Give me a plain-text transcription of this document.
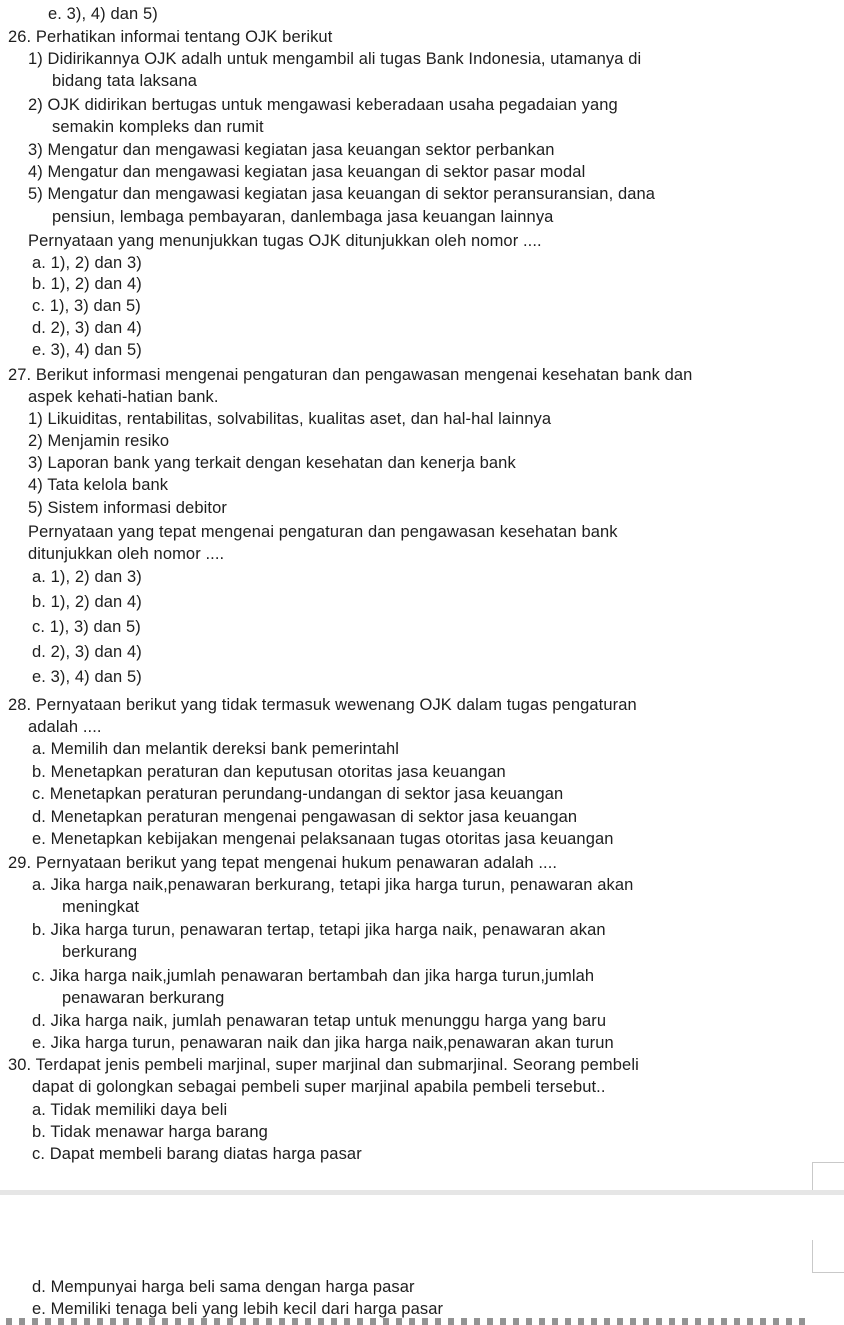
e. 3), 4) dan 5)
26. Perhatikan informai tentang OJK berikut
1) Didirikannya OJK adalh untuk mengambil ali tugas Bank Indonesia, utamanya di
bidang tata laksana
2) OJK didirikan bertugas untuk mengawasi keberadaan usaha pegadaian yang
semakin kompleks dan rumit
3) Mengatur dan mengawasi kegiatan jasa keuangan sektor perbankan
4) Mengatur dan mengawasi kegiatan jasa keuangan di sektor pasar modal
5) Mengatur dan mengawasi kegiatan jasa keuangan di sektor peransuransian, dana
pensiun, lembaga pembayaran, danlembaga jasa keuangan lainnya
Pernyataan yang menunjukkan tugas OJK ditunjukkan oleh nomor ....
a. 1), 2) dan 3)
b. 1), 2) dan 4)
c. 1), 3) dan 5)
d. 2), 3) dan 4)
e. 3), 4) dan 5)
27. Berikut informasi mengenai pengaturan dan pengawasan mengenai kesehatan bank dan
aspek kehati-hatian bank.
1) Likuiditas, rentabilitas, solvabilitas, kualitas aset, dan hal-hal lainnya
2) Menjamin resiko
3) Laporan bank yang terkait dengan kesehatan dan kenerja bank
4) Tata kelola bank
5) Sistem informasi debitor
Pernyataan yang tepat mengenai pengaturan dan pengawasan kesehatan bank
ditunjukkan oleh nomor ....
a. 1), 2) dan 3)
b. 1), 2) dan 4)
c. 1), 3) dan 5)
d. 2), 3) dan 4)
e. 3), 4) dan 5)
28. Pernyataan berikut yang tidak termasuk wewenang OJK dalam tugas pengaturan
adalah ....
a. Memilih dan melantik dereksi bank pemerintahl
b. Menetapkan peraturan dan keputusan otoritas jasa keuangan
c. Menetapkan peraturan perundang-undangan di sektor jasa keuangan
d. Menetapkan peraturan mengenai pengawasan di sektor jasa keuangan
e. Menetapkan kebijakan mengenai pelaksanaan tugas otoritas jasa keuangan
29. Pernyataan berikut yang tepat mengenai hukum penawaran adalah ....
a. Jika harga naik,penawaran berkurang, tetapi jika harga turun, penawaran akan
meningkat
b. Jika harga turun, penawaran tertap, tetapi jika harga naik, penawaran akan
berkurang
c. Jika harga naik,jumlah penawaran bertambah dan jika harga turun,jumlah
penawaran berkurang
d. Jika harga naik, jumlah penawaran tetap untuk menunggu harga yang baru
e. Jika harga turun, penawaran naik dan jika harga naik,penawaran akan turun
30. Terdapat jenis pembeli marjinal, super marjinal dan submarjinal. Seorang pembeli
dapat di golongkan sebagai pembeli super marjinal apabila pembeli tersebut..
a. Tidak memiliki daya beli
b. Tidak menawar harga barang
c. Dapat membeli barang diatas harga pasar
d. Mempunyai harga beli sama dengan harga pasar
e. Memiliki tenaga beli yang lebih kecil dari harga pasar
